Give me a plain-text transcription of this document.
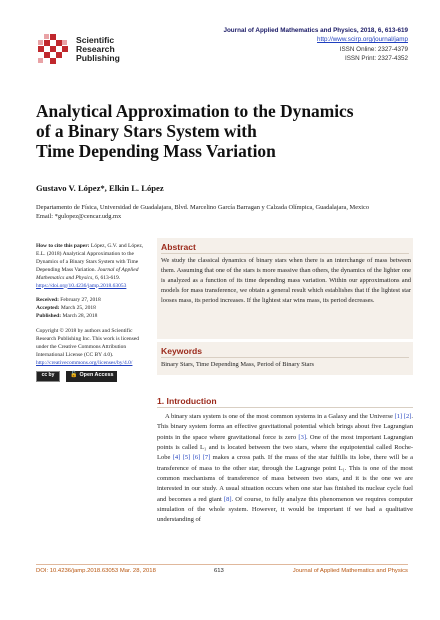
Scientific
Research
Publishing
Journal of Applied Mathematics and Physics, 2018, 6, 613-619
http://www.scirp.org/journal/jamp
ISSN Online: 2327-4379
ISSN Print: 2327-4352
Analytical Approximation to the Dynamics
of a Binary Stars System with
Time Depending Mass Variation
Gustavo V. López*, Elkin L. López
Departamento de Física, Universidad de Guadalajara, Blvd. Marcelino García Barragan y Calzada Olímpica, Guadalajara, Mexico
Email: *gulopez@cencar.udg.mx
How to cite this paper: López, G.V. and López, E.L. (2018) Analytical Approximation to the Dynamics of a Binary Stars System with Time Depending Mass Variation. Journal of Applied Mathematics and Physics, 6, 613-619.
https://doi.org/10.4236/jamp.2018.63053
Received: February 27, 2018
Accepted: March 25, 2018
Published: March 28, 2018
Copyright © 2018 by authors and Scientific Research Publishing Inc. This work is licensed under the Creative Commons Attribution International License (CC BY 4.0).
http://creativecommons.org/licenses/by/4.0/
cc by	🔓 Open Access
Abstract
We study the classical dynamics of binary stars when there is an interchange of mass between them. Assuming that one of the stars is more massive than others, the dynamics of the lighter one is analyzed as a function of its time depending mass variation. Within our approximations and models for mass transference, we obtain a general result which establishes that if the lightest star looses mass, its period increases. If the lightest star wins mass, its period decreases.
Keywords
Binary Stars, Time Depending Mass, Period of Binary Stars
1. Introduction
A binary stars system is one of the most common systems in a Galaxy and the Universe [1] [2]. This binary system forms an effective gravitational potential which brings about five Lagrangian points in the space where gravitational force is zero [3]. One of the most important Lagrangian points is called L₁ and is located between the two stars, where the equipotential called Roche-Lobe [4] [5] [6] [7] makes a cross path. If the mass of the star fulfills its lobe, there will be a transference of mass to the other star, through the Lagrange point L₁. This is one of the most common mechanisms of transference of mass between two stars, and it is the one we are interested in our study. A usual situation occurs when one star has finished its nuclear cycle fuel and becomes a red giant [8]. Of course, to fully analyze this phenomenon we requires computer simulation of the whole system. However, it would be important if we had a qualitative understanding of
DOI: 10.4236/jamp.2018.63053 Mar. 28, 2018	613	Journal of Applied Mathematics and Physics
